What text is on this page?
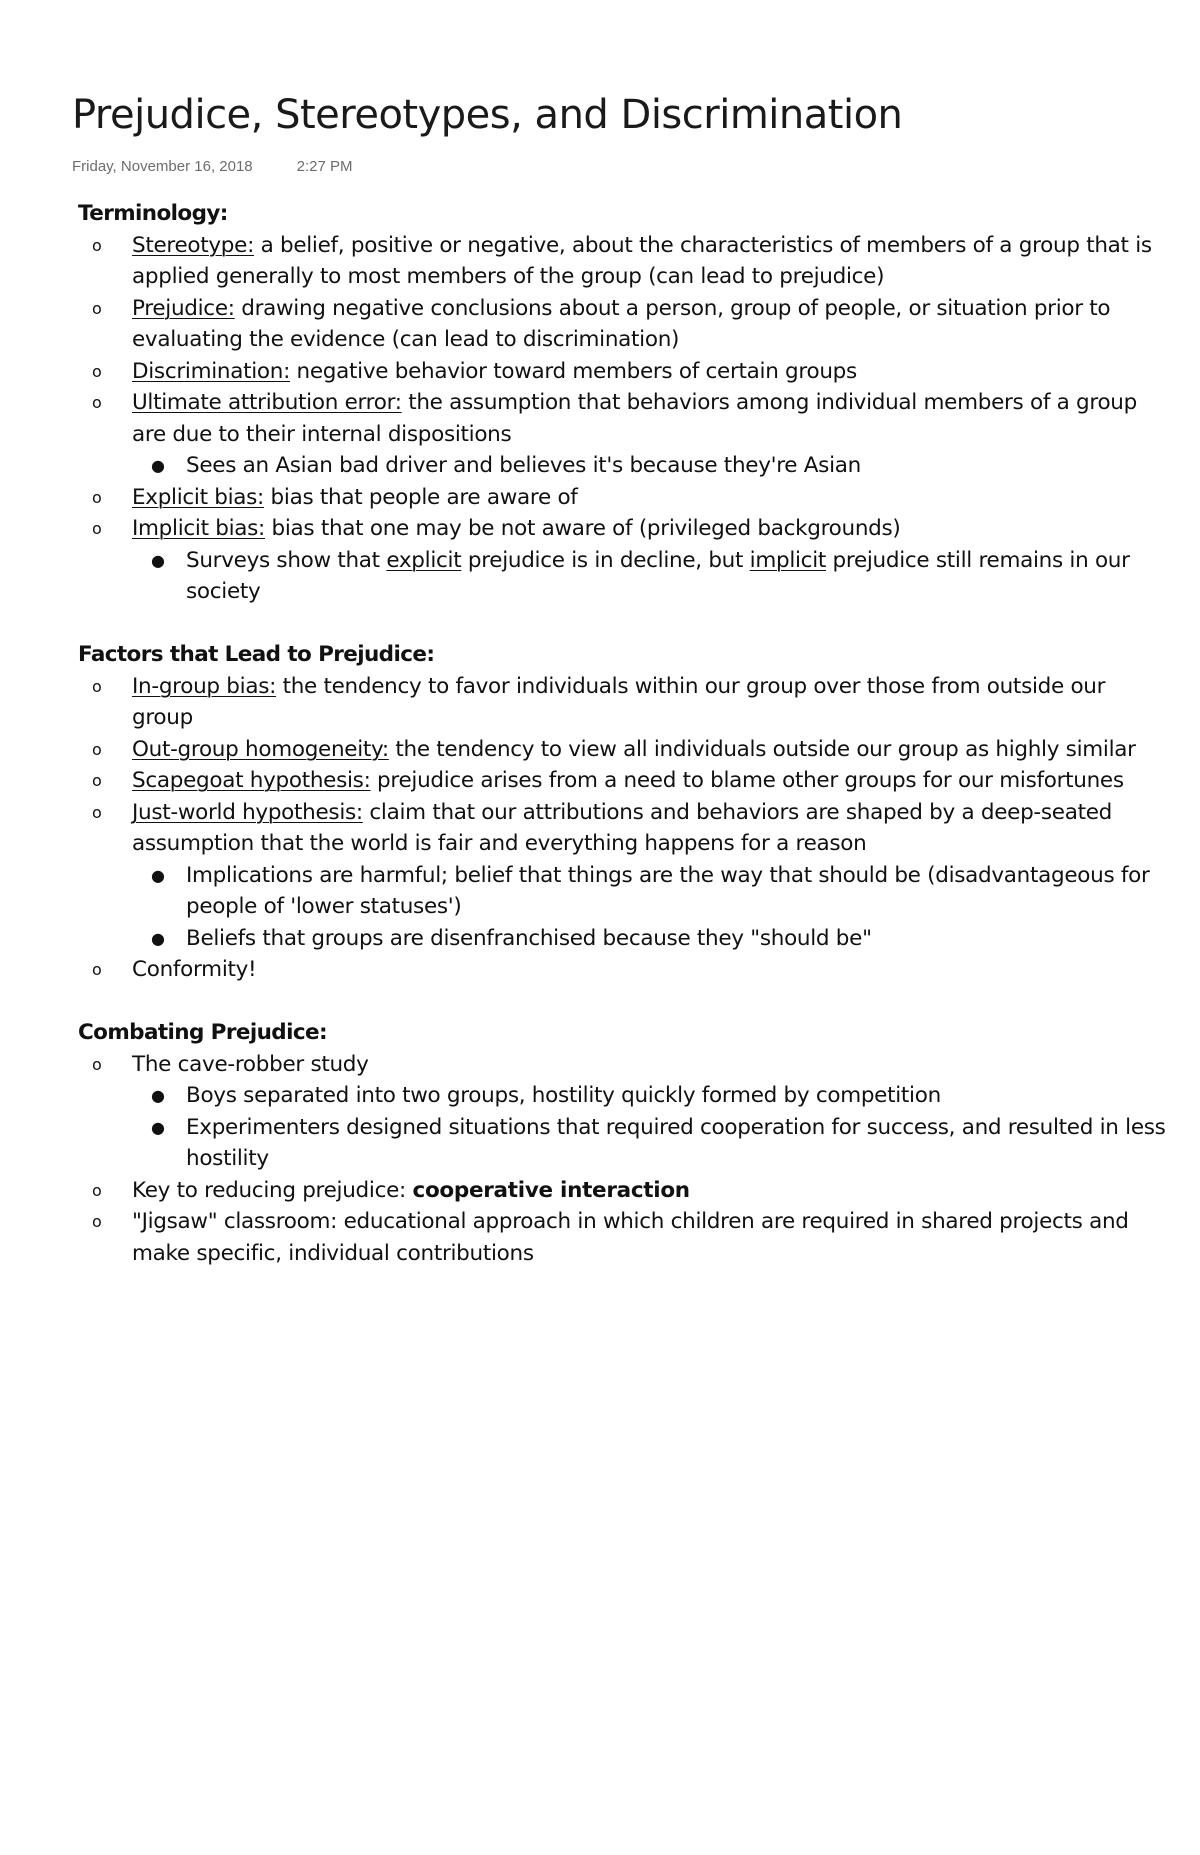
Prejudice, Stereotypes, and Discrimination
Friday, November 16, 2018	2:27 PM

Terminology:

o Stereotype: a belief, positive or negative, about the characteristics of members of a group that is applied generally to most members of the group (can lead to prejudice)
o Prejudice: drawing negative conclusions about a person, group of people, or situation prior to evaluating the evidence (can lead to discrimination)
o Discrimination: negative behavior toward members of certain groups
o Ultimate attribution error: the assumption that behaviors among individual members of a group are due to their internal dispositions
● Sees an Asian bad driver and believes it's because they're Asian
o Explicit bias: bias that people are aware of
o Implicit bias: bias that one may be not aware of (privileged backgrounds)
● Surveys show that explicit prejudice is in decline, but implicit prejudice still remains in our society

Factors that Lead to Prejudice:

o In-group bias: the tendency to favor individuals within our group over those from outside our group
o Out-group homogeneity: the tendency to view all individuals outside our group as highly similar
o Scapegoat hypothesis: prejudice arises from a need to blame other groups for our misfortunes
o Just-world hypothesis: claim that our attributions and behaviors are shaped by a deep-seated assumption that the world is fair and everything happens for a reason
● Implications are harmful; belief that things are the way that should be (disadvantageous for people of 'lower statuses')
● Beliefs that groups are disenfranchised because they "should be"
o Conformity!

Combating Prejudice:

o The cave-robber study
● Boys separated into two groups, hostility quickly formed by competition
● Experimenters designed situations that required cooperation for success, and resulted in less hostility
o Key to reducing prejudice: cooperative interaction
o "Jigsaw" classroom: educational approach in which children are required in shared projects and make specific, individual contributions
